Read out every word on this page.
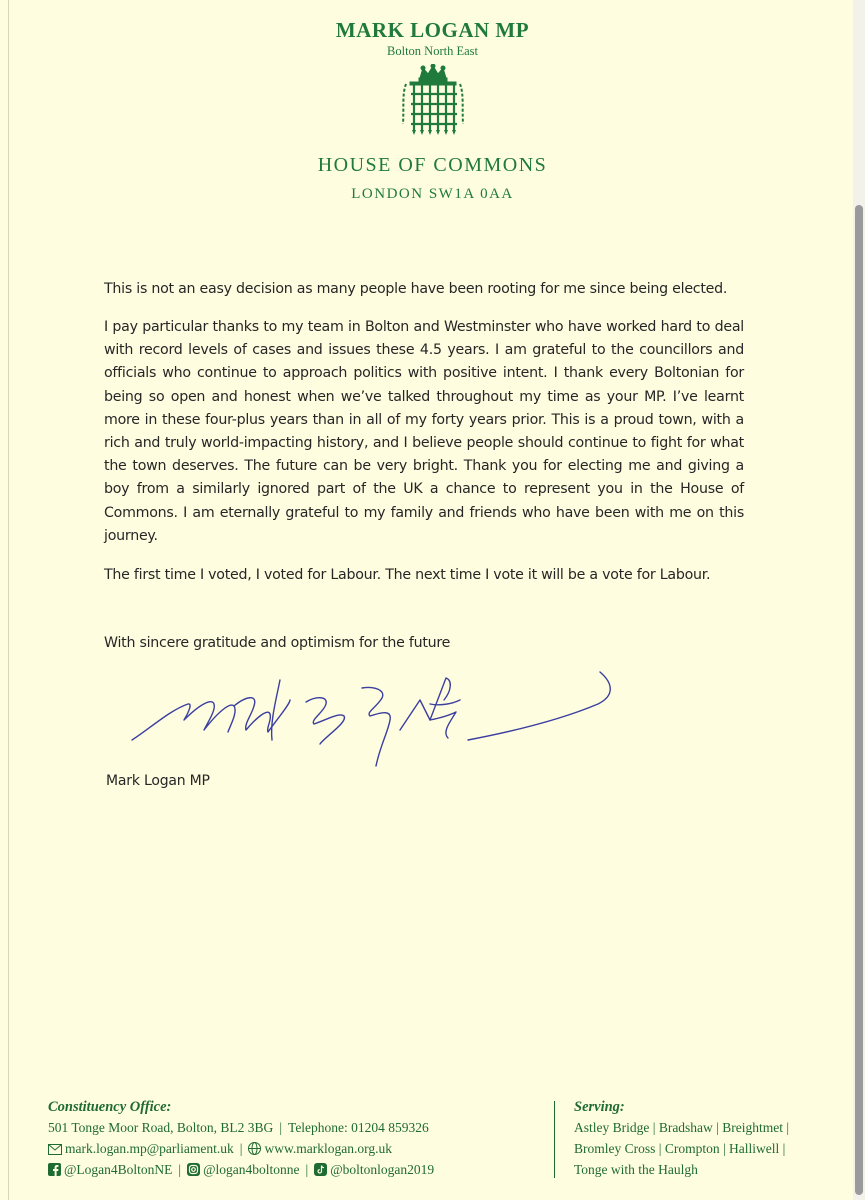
MARK LOGAN MP
Bolton North East
HOUSE OF COMMONS
LONDON SW1A 0AA

This is not an easy decision as many people have been rooting for me since being elected.

I pay particular thanks to my team in Bolton and Westminster who have worked hard to deal with record levels of cases and issues these 4.5 years. I am grateful to the councillors and officials who continue to approach politics with positive intent. I thank every Boltonian for being so open and honest when we’ve talked throughout my time as your MP. I’ve learnt more in these four-plus years than in all of my forty years prior. This is a proud town, with a rich and truly world-impacting history, and I believe people should continue to fight for what the town deserves. The future can be very bright. Thank you for electing me and giving a boy from a similarly ignored part of the UK a chance to represent you in the House of Commons. I am eternally grateful to my family and friends who have been with me on this journey.

The first time I voted, I voted for Labour. The next time I vote it will be a vote for Labour.

With sincere gratitude and optimism for the future

Mark Logan MP
Constituency Office:
501 Tonge Moor Road, Bolton, BL2 3BG | Telephone: 01204 859326
mark.logan.mp@parliament.uk | www.marklogan.org.uk
@Logan4BoltonNE | @logan4boltonne | @boltonlogan2019
Serving:
Astley Bridge | Bradshaw | Breightmet |
Bromley Cross | Crompton | Halliwell |
Tonge with the Haulgh
